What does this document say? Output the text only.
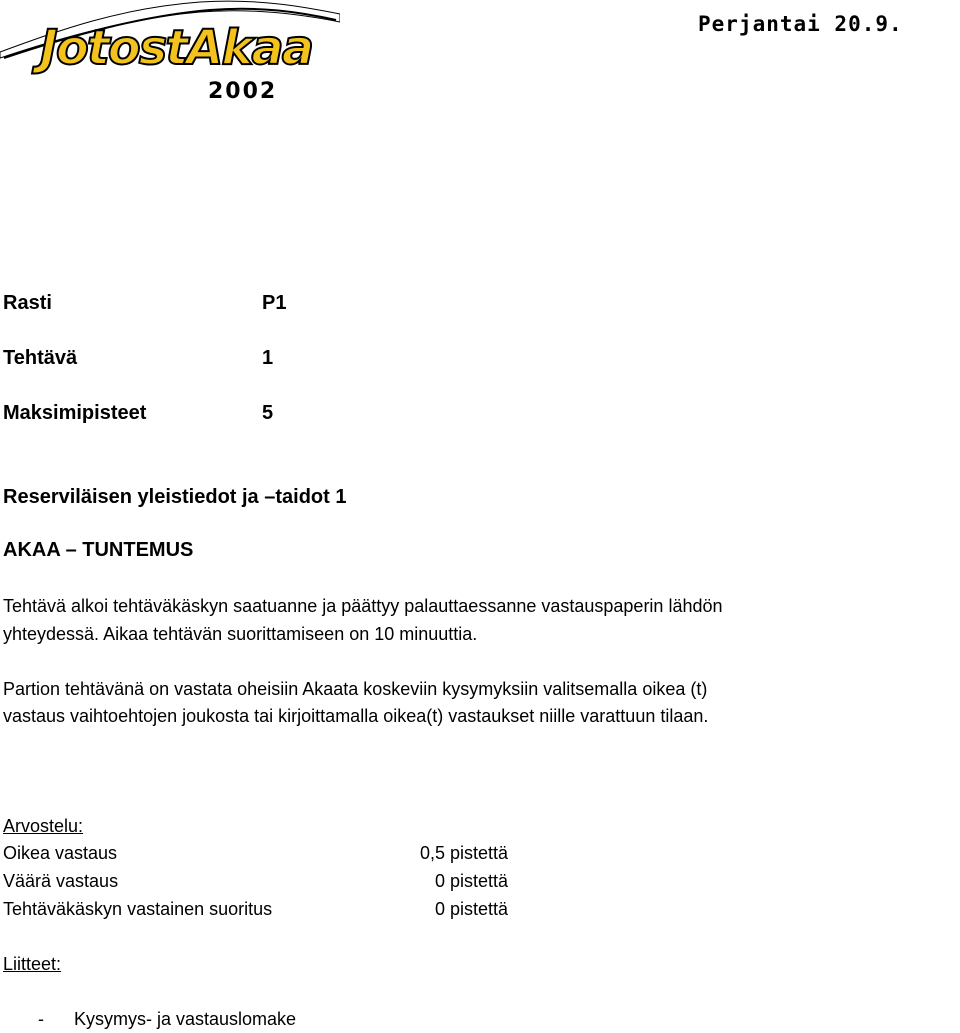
JotostAkaa
2002
Perjantai 20.9.
Rasti	P1
Tehtävä	1
Maksimipisteet	5
Reserviläisen yleistiedot ja –taidot 1
AKAA – TUNTEMUS
Tehtävä alkoi tehtäväkäskyn saatuanne ja päättyy palauttaessanne vastauspaperin lähdön
yhteydessä. Aikaa tehtävän suorittamiseen on 10 minuuttia.
Partion tehtävänä on vastata oheisiin Akaata koskeviin kysymyksiin valitsemalla oikea (t)
vastaus vaihtoehtojen joukosta tai kirjoittamalla oikea(t) vastaukset niille varattuun tilaan.
Arvostelu:
Oikea vastaus	0,5 pistettä
Väärä vastaus	0 pistettä
Tehtäväkäskyn vastainen suoritus	0 pistettä
Liitteet:
- Kysymys- ja vastauslomake
